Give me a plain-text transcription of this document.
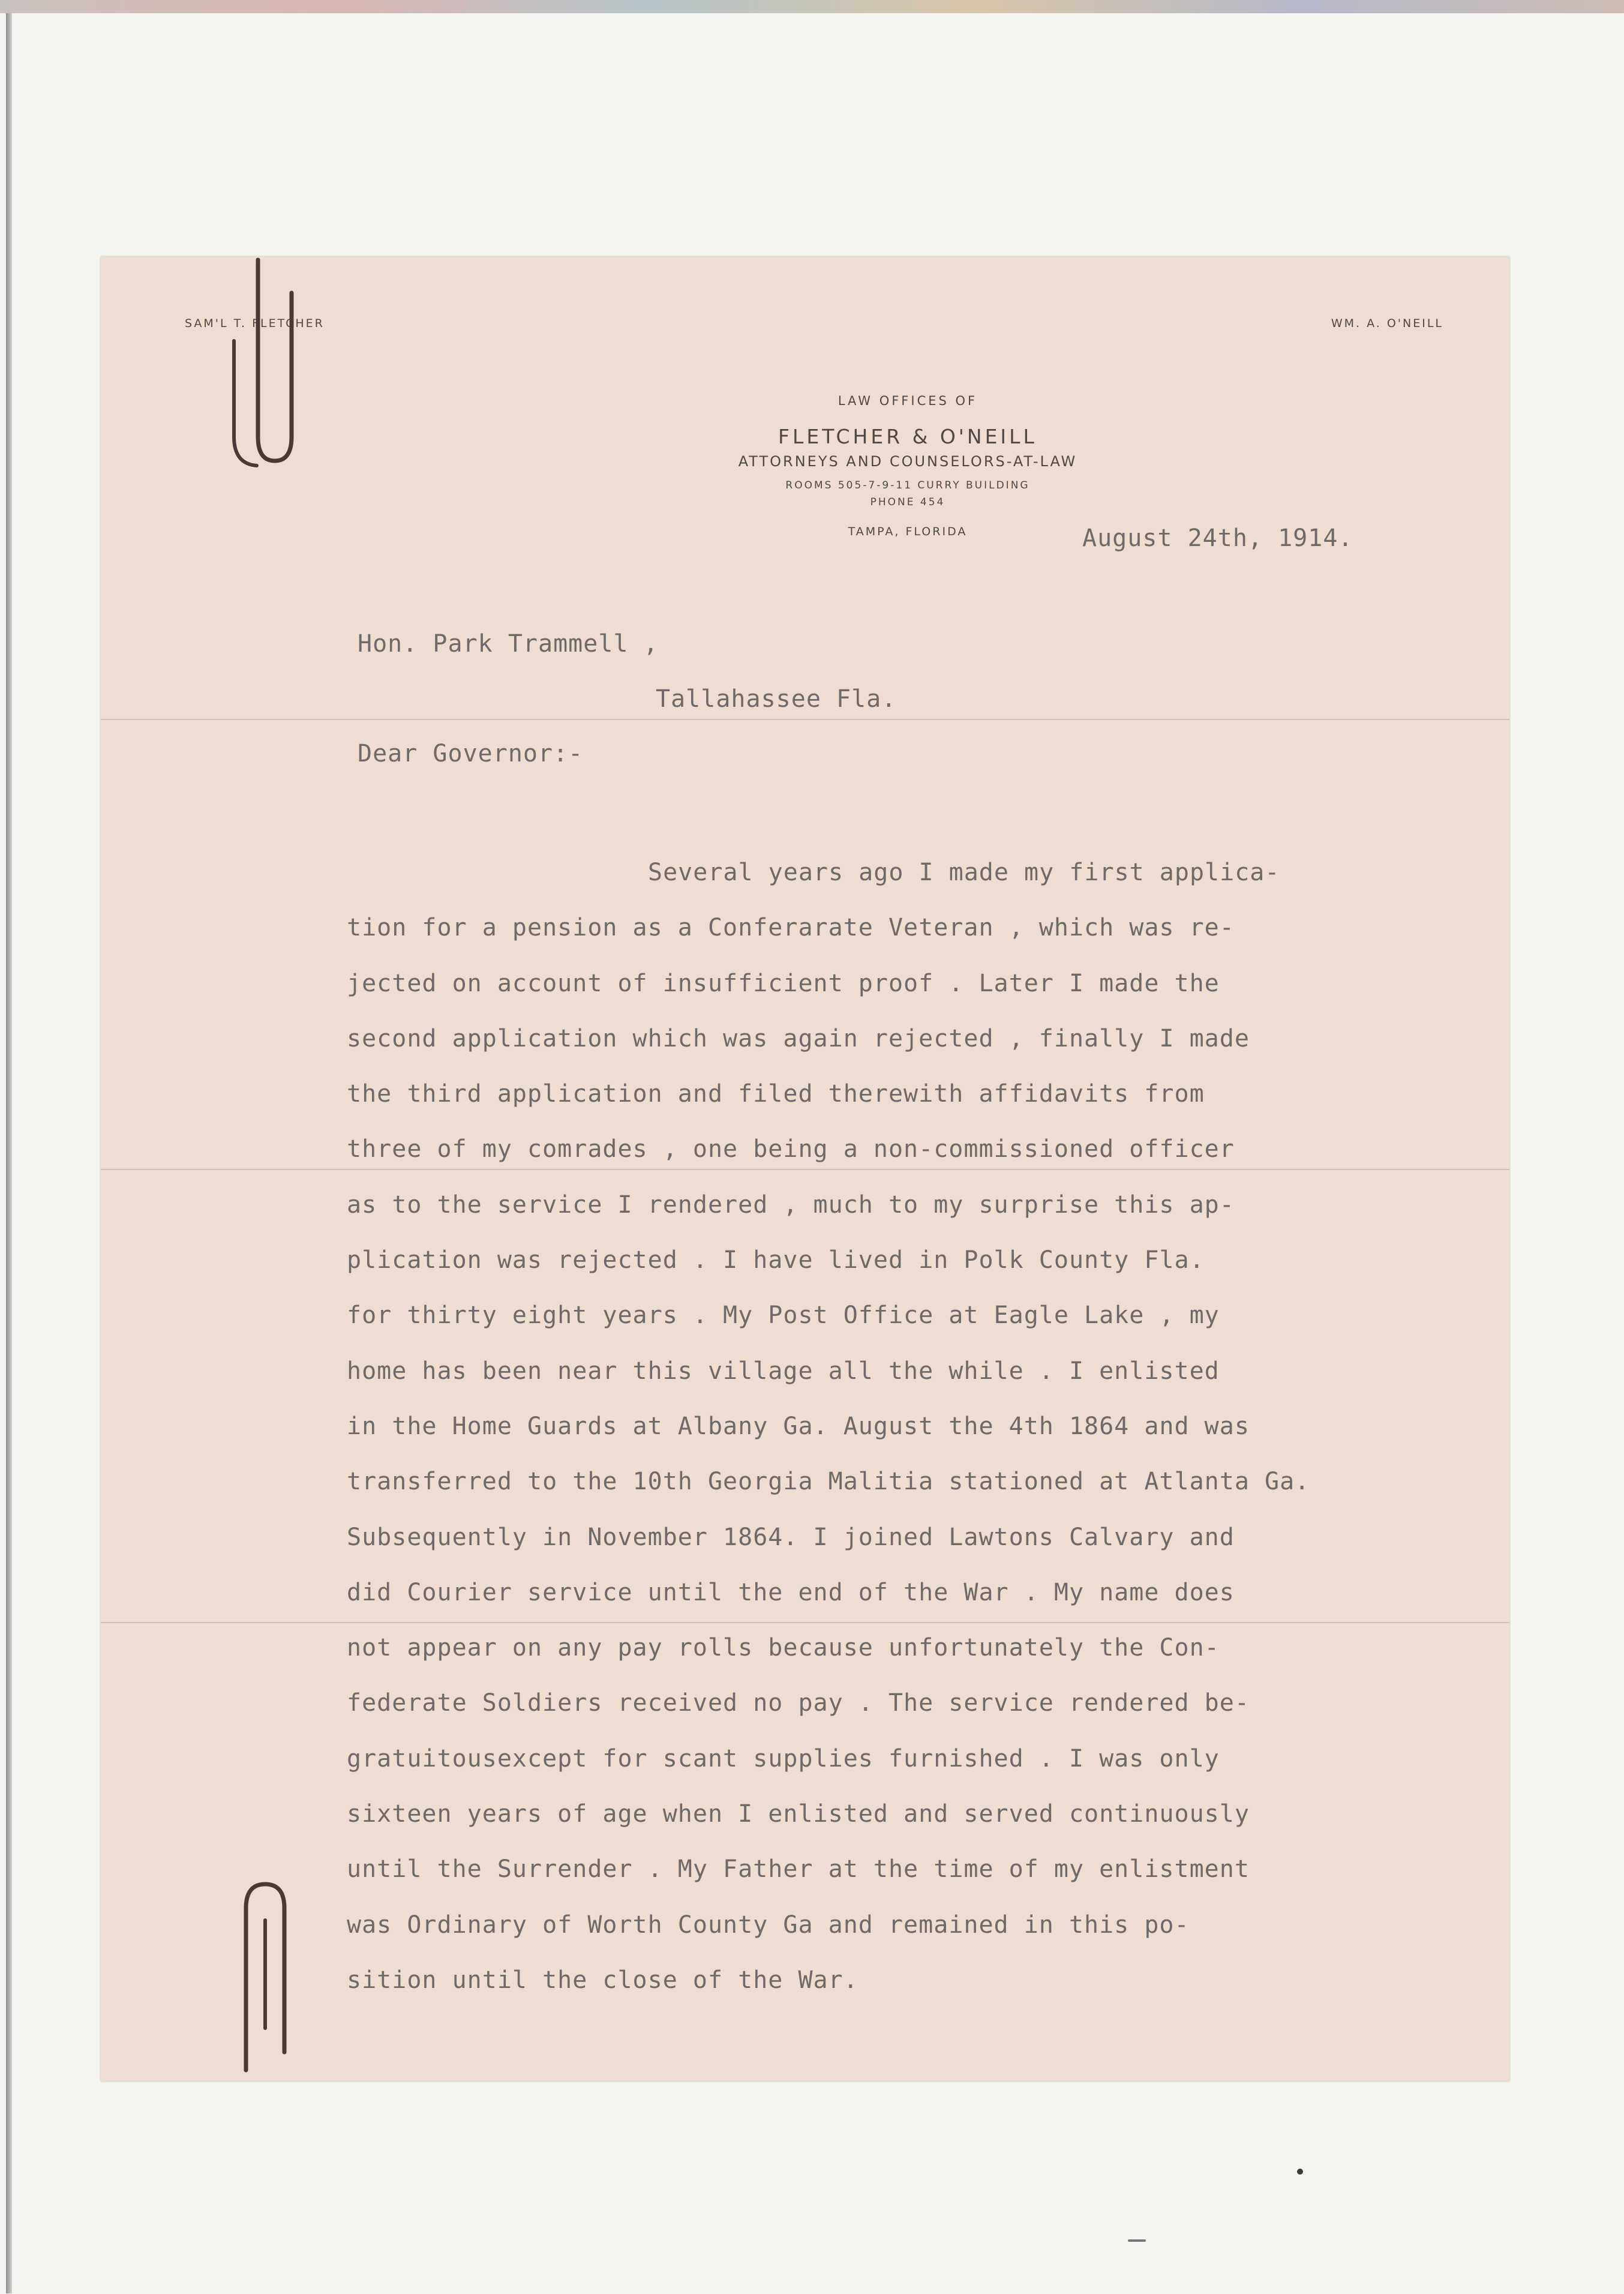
SAM'L T. FLETCHER	WM. A. O'NEILL
LAW OFFICES OF
FLETCHER & O'NEILL
ATTORNEYS AND COUNSELORS-AT-LAW
ROOMS 505-7-9-11 CURRY BUILDING
PHONE 454
TAMPA, FLORIDA	August 24th, 1914.
Hon. Park Trammell ,
Tallahassee Fla.
Dear Governor:-
Several years ago I made my first applica-
tion for a pension as a Conferarate Veteran , which was re-
jected on account of insufficient proof . Later I made the
second application which was again rejected , finally I made
the third application and filed therewith affidavits from
three of my comrades , one being a non-commissioned officer
as to the service I rendered , much to my surprise this ap-
plication was rejected . I have lived in Polk County Fla.
for thirty eight years . My Post Office at Eagle Lake , my
home has been near this village all the while . I enlisted
in the Home Guards at Albany Ga. August the 4th 1864 and was
transferred to the 10th Georgia Malitia stationed at Atlanta Ga.
Subsequently in November 1864. I joined Lawtons Calvary and
did Courier service until the end of the War . My name does
not appear on any pay rolls because unfortunately the Con-
federate Soldiers received no pay . The service rendered be-
gratuitousexcept for scant supplies furnished . I was only
sixteen years of age when I enlisted and served continuously
until the Surrender . My Father at the time of my enlistment
was Ordinary of Worth County Ga and remained in this po-
sition until the close of the War.
